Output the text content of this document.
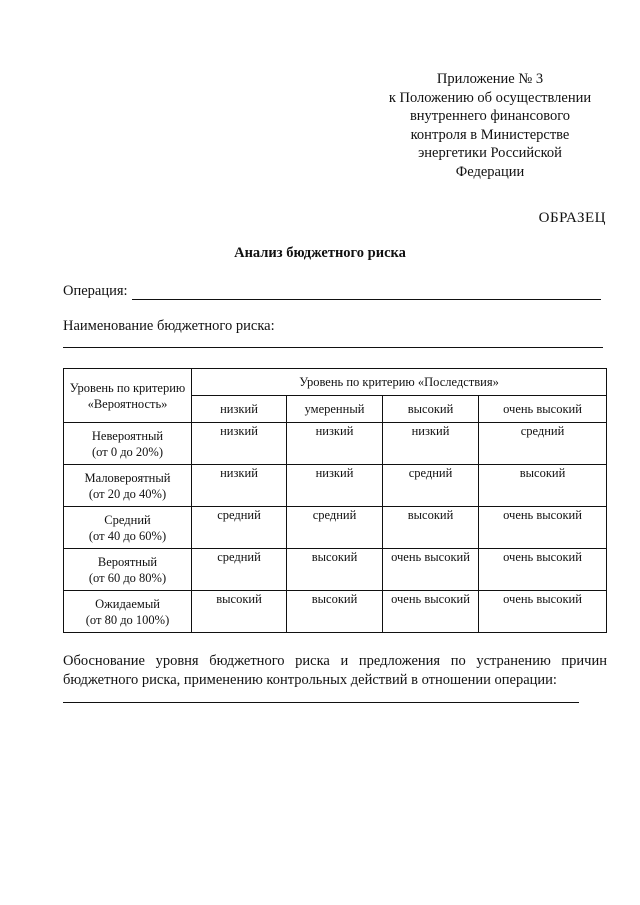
Приложение № 3
к Положению об осуществлении
внутреннего финансового
контроля в Министерстве
энергетики Российской
Федерации
ОБРАЗЕЦ
Анализ бюджетного риска
Операция:
Наименование бюджетного риска:
Уровень по критерию «Вероятность»	Уровень по критерию «Последствия»			
	низкий	умеренный	высокий	очень высокий

Невероятный
(от 0 до 20%)	низкий	низкий	низкий	средний

Маловероятный
(от 20 до 40%)	низкий	низкий	средний	высокий

Средний
(от 40 до 60%)	средний	средний	высокий	очень высокий

Вероятный
(от 60 до 80%)	средний	высокий	очень высокий	очень высокий

Ожидаемый
(от 80 до 100%)	высокий	высокий	очень высокий	очень высокий
Обоснование уровня бюджетного риска и предложения по устранению причин бюджетного риска, применению контрольных действий в отношении операции:
